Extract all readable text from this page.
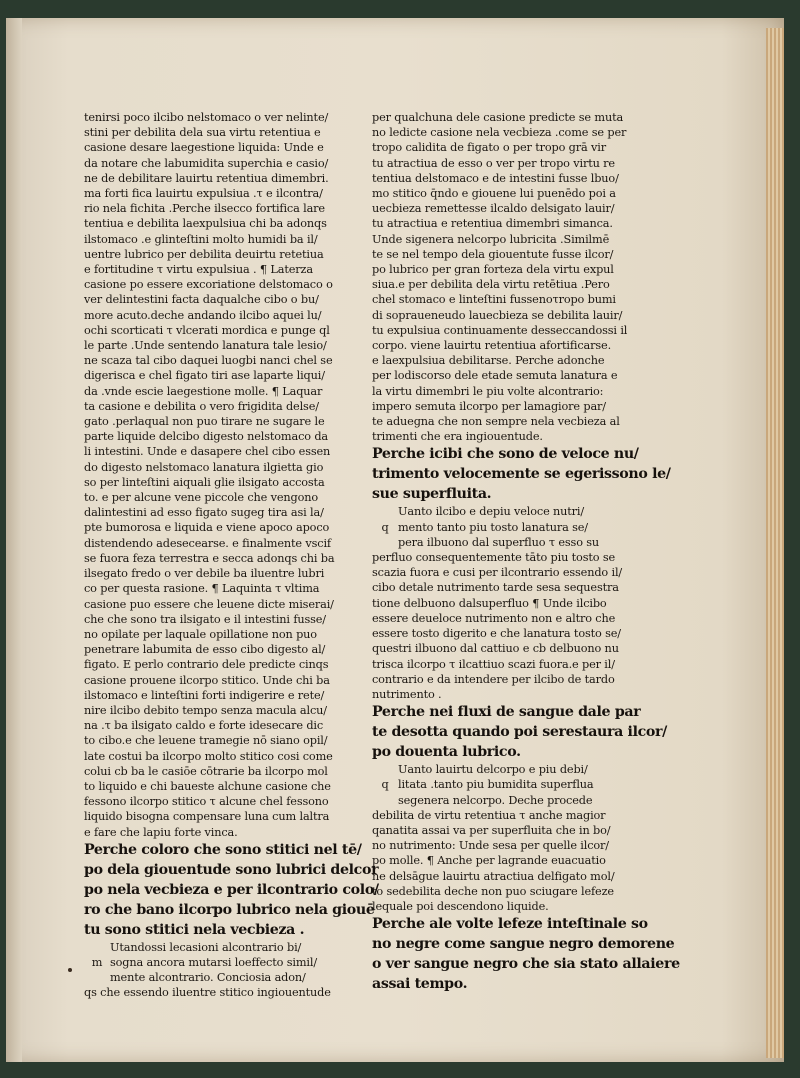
tenirsi poco ilcibo nelstomaco o ver nelinte/
stini per debilita dela sua virtu retentiua e
casione desare laegestione liquida: Unde e
da notare che labumidita superchia e casio/
ne de debilitare lauirtu retentiua dimembri.
ma forti fica lauirtu expulsiua .τ e ilcontra/
rio nela fichita .Perche ilsecco fortifica lare
tentiua e debilita laexpulsiua chi ba adonqs
ilstomaco .e glinteſtini molto humidi ba il/
uentre lubrico per debilita deuirtu retetiua
e fortitudine τ virtu expulsiua . ¶ Laterza
casione po essere excoriatione delstomaco o
ver delintestini facta daqualche cibo o bu/
more acuto.deche andando ilcibo aquei lu/
ochi scorticati τ vlcerati mordica e punge ql
le parte .Unde sentendo lanatura tale lesio/
ne scaza tal cibo daquei luogbi nanci chel se
digerisca e chel figato tiri ase laparte liqui/
da .vnde escie laegestione molle. ¶ Laquar
ta casione e debilita o vero frigidita delse/
gato .perlaqual non puo tirare ne sugare le
parte liquide delcibo digesto nelstomaco da
li intestini. Unde e dasapere chel cibo essen
do digesto nelstomaco lanatura ilgietta gio
so per linteſtini aiquali glie ilsigato accosta
to. e per alcune vene piccole che vengono
dalintestini ad esso figato sugeg tira asi la/
pte bumorosa e liquida e viene apoco apoco
distendendo adesecearse. e finalmente vscif
se fuora feza terrestra e secca adonqs chi ba
ilsegato fredo o ver debile ba iluentre lubri
co per questa rasione. ¶ Laquinta τ vltima
casione puo essere che leuene dicte miserai/
che che sono tra ilsigato e il intestini fusse/
no opilate per laquale opillatione non puo
penetrare labumita de esso cibo digesto al/
figato. E perlo contrario dele predicte cinqs
casione prouene ilcorpo stitico. Unde chi ba
ilstomaco e linteſtini forti indigerire e rete/
nire ilcibo debito tempo senza macula alcu/
na .τ ba ilsigato caldo e forte idesecare dic
to cibo.e che leuene tramegie nō siano opil/
late costui ba ilcorpo molto stitico cosi come
colui cb ba le casiōe cōtrarie ba ilcorpo mol
to liquido e chi baueste alchune casione che
fessono ilcorpo stitico τ alcune chel fessono
liquido bisogna compensare luna cum laltra
e fare che lapiu forte vinca.
Perche coloro che sono stitici nel tē/
po dela giouentude sono lubrici delcor
po nela vecbieza e per ilcontrario colo/
ro che bano ilcorpo lubrico nela giouē
tu sono stitici nela vecbieza .
Utandossi lecasioni alcontrario bi/
m sogna ancora mutarsi loeffecto simil/
mente alcontrario. Conciosia adon/
qs che essendo iluentre stitico ingiouentude
per qualchuna dele casione predicte se muta
no ledicte casione nela vecbieza .come se per
tropo calidita de figato o per tropo grā vir
tu atractiua de esso o ver per tropo virtu re
tentiua delstomaco e de intestini fusse lbuo/
mo stitico q̄ndo e giouene lui puenēdo poi a
uecbieza remettesse ilcaldo delsigato lauir/
tu atractiua e retentiua dimembri simanca.
Unde sigenera nelcorpo lubricita .Similmē
te se nel tempo dela giouentute fusse ilcor/
po lubrico per gran forteza dela virtu expul
siua.e per debilita dela virtu retētiua .Pero
chel stomaco e linteſtini fussenoτropo bumi
di sopraueneudo lauecbieza se debilita lauir/
tu expulsiua continuamente desseccandossi il
corpo. viene lauirtu retentiua afortificarse.
e laexpulsiua debilitarse. Perche adonche
per lodiscorso dele etade semuta lanatura e
la virtu dimembri le piu volte alcontrario:
impero semuta ilcorpo per lamagiore par/
te aduegna che non sempre nela vecbieza al
trimenti che era ingiouentude.
Perche icibi che sono de veloce nu/
trimento velocemente se egerissono le/
sue superfluita.
Uanto ilcibo e depiu veloce nutri/
q mento tanto piu tosto lanatura se/
pera ilbuono dal superfluo τ esso su
perfluo consequentemente tāto piu tosto se
scazia fuora e cusi per ilcontrario essendo il/
cibo detale nutrimento tarde sesa sequestra
tione delbuono dalsuperfluo ¶ Unde ilcibo
essere deueloce nutrimento non e altro che
essere tosto digerito e che lanatura tosto se/
questri ilbuono dal cattiuo e cb delbuono nu
trisca ilcorpo τ ilcattiuo scazi fuora.e per il/
contrario e da intendere per ilcibo de tardo
nutrimento .
Perche nei fluxi de sangue dale par
te desotta quando poi serestaura ilcor/
po douenta lubrico.
Uanto lauirtu delcorpo e piu debi/
q litata .tanto piu bumidita superflua
segenera nelcorpo. Deche procede
debilita de virtu retentiua τ anche magior
qanatita assai va per superfluita che in bo/
no nutrimento: Unde sesa per quelle ilcor/
po molle. ¶ Anche per lagrande euacuatio
ne delsāgue lauirtu atractiua delfigato mol/
to sedebilita deche non puo sciugare lefeze
lequale poi descendono liquide.
Perche ale volte lefeze inteſtinale so
no negre come sangue negro demorene
o ver sangue negro che sia stato allaiere
assai tempo.
